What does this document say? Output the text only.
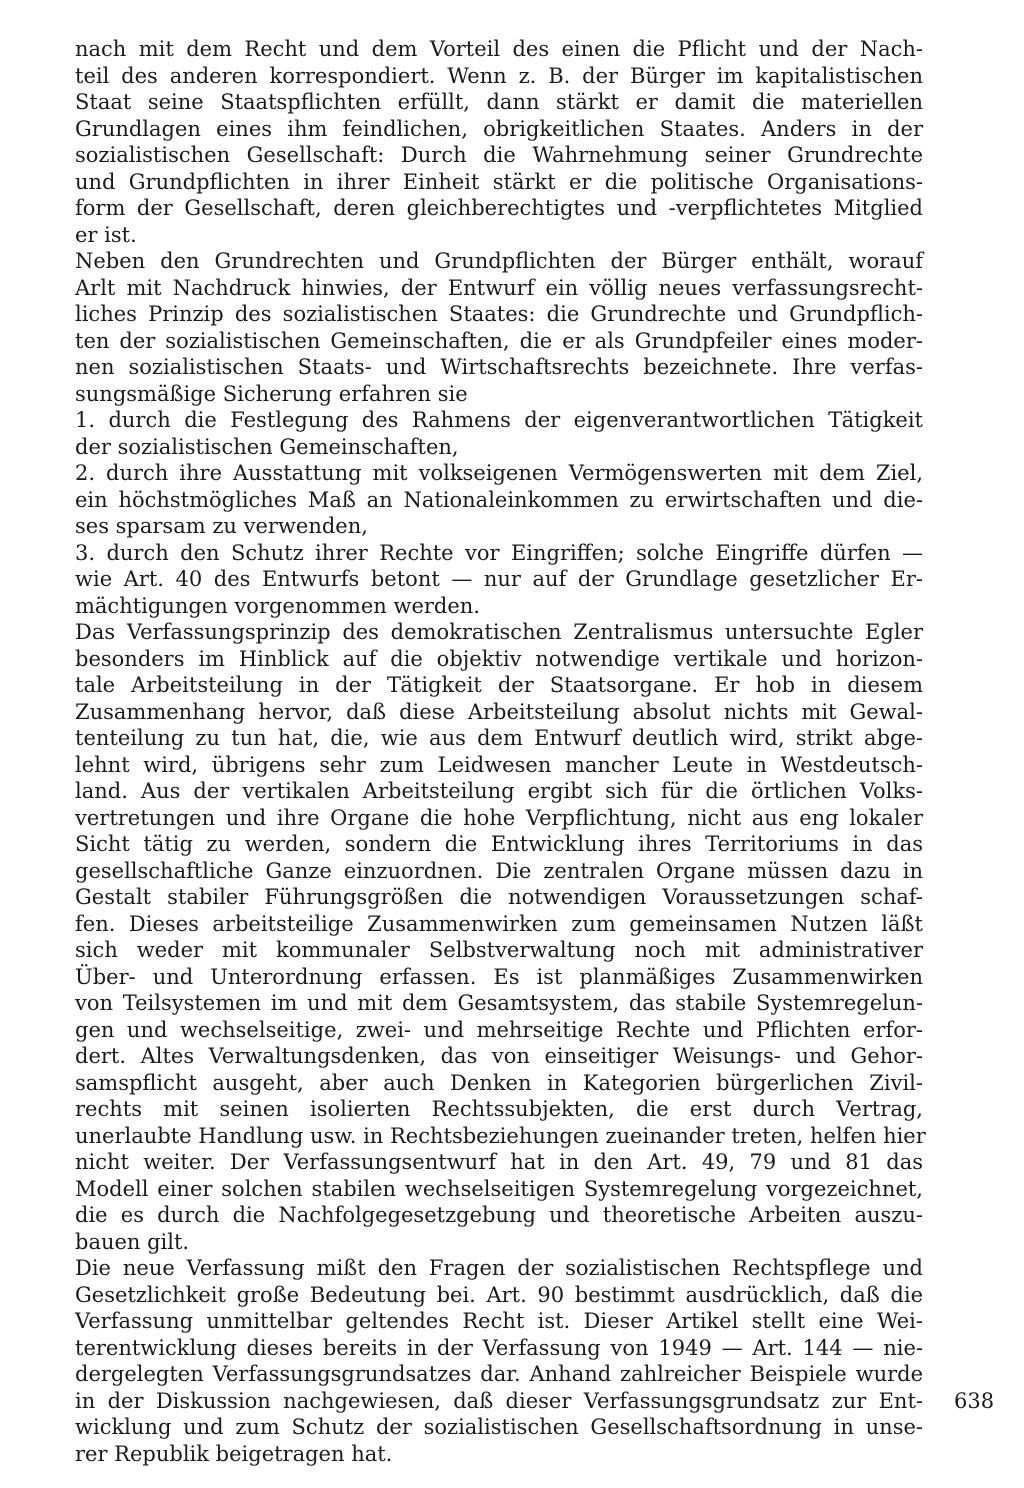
nach mit dem Recht und dem Vorteil des einen die Pflicht und der Nach-
teil des anderen korrespondiert. Wenn z. B. der Bürger im kapitalistischen
Staat seine Staatspflichten erfüllt, dann stärkt er damit die materiellen
Grundlagen eines ihm feindlichen, obrigkeitlichen Staates. Anders in der
sozialistischen Gesellschaft: Durch die Wahrnehmung seiner Grundrechte
und Grundpflichten in ihrer Einheit stärkt er die politische Organisations-
form der Gesellschaft, deren gleichberechtigtes und -verpflichtetes Mitglied
er ist.
Neben den Grundrechten und Grundpflichten der Bürger enthält, worauf
Arlt mit Nachdruck hinwies, der Entwurf ein völlig neues verfassungsrecht-
liches Prinzip des sozialistischen Staates: die Grundrechte und Grundpflich-
ten der sozialistischen Gemeinschaften, die er als Grundpfeiler eines moder-
nen sozialistischen Staats- und Wirtschaftsrechts bezeichnete. Ihre verfas-
sungsmäßige Sicherung erfahren sie
1. durch die Festlegung des Rahmens der eigenverantwortlichen Tätigkeit
der sozialistischen Gemeinschaften,
2. durch ihre Ausstattung mit volkseigenen Vermögenswerten mit dem Ziel,
ein höchstmögliches Maß an Nationaleinkommen zu erwirtschaften und die-
ses sparsam zu verwenden,
3. durch den Schutz ihrer Rechte vor Eingriffen; solche Eingriffe dürfen —
wie Art. 40 des Entwurfs betont — nur auf der Grundlage gesetzlicher Er-
mächtigungen vorgenommen werden.
Das Verfassungsprinzip des demokratischen Zentralismus untersuchte Egler
besonders im Hinblick auf die objektiv notwendige vertikale und horizon-
tale Arbeitsteilung in der Tätigkeit der Staatsorgane. Er hob in diesem
Zusammenhang hervor, daß diese Arbeitsteilung absolut nichts mit Gewal-
tenteilung zu tun hat, die, wie aus dem Entwurf deutlich wird, strikt abge-
lehnt wird, übrigens sehr zum Leidwesen mancher Leute in Westdeutsch-
land. Aus der vertikalen Arbeitsteilung ergibt sich für die örtlichen Volks-
vertretungen und ihre Organe die hohe Verpflichtung, nicht aus eng lokaler
Sicht tätig zu werden, sondern die Entwicklung ihres Territoriums in das
gesellschaftliche Ganze einzuordnen. Die zentralen Organe müssen dazu in
Gestalt stabiler Führungsgrößen die notwendigen Voraussetzungen schaf-
fen. Dieses arbeitsteilige Zusammenwirken zum gemeinsamen Nutzen läßt
sich weder mit kommunaler Selbstverwaltung noch mit administrativer
Über- und Unterordnung erfassen. Es ist planmäßiges Zusammenwirken
von Teilsystemen im und mit dem Gesamtsystem, das stabile Systemregelun-
gen und wechselseitige, zwei- und mehrseitige Rechte und Pflichten erfor-
dert. Altes Verwaltungsdenken, das von einseitiger Weisungs- und Gehor-
samspflicht ausgeht, aber auch Denken in Kategorien bürgerlichen Zivil-
rechts mit seinen isolierten Rechtssubjekten, die erst durch Vertrag,
unerlaubte Handlung usw. in Rechtsbeziehungen zueinander treten, helfen hier
nicht weiter. Der Verfassungsentwurf hat in den Art. 49, 79 und 81 das
Modell einer solchen stabilen wechselseitigen Systemregelung vorgezeichnet,
die es durch die Nachfolgegesetzgebung und theoretische Arbeiten auszu-
bauen gilt.
Die neue Verfassung mißt den Fragen der sozialistischen Rechtspflege und
Gesetzlichkeit große Bedeutung bei. Art. 90 bestimmt ausdrücklich, daß die
Verfassung unmittelbar geltendes Recht ist. Dieser Artikel stellt eine Wei-
terentwicklung dieses bereits in der Verfassung von 1949 — Art. 144 — nie-
dergelegten Verfassungsgrundsatzes dar. Anhand zahlreicher Beispiele wurde
in der Diskussion nachgewiesen, daß dieser Verfassungsgrundsatz zur Ent-
wicklung und zum Schutz der sozialistischen Gesellschaftsordnung in unse-
rer Republik beigetragen hat.
638
